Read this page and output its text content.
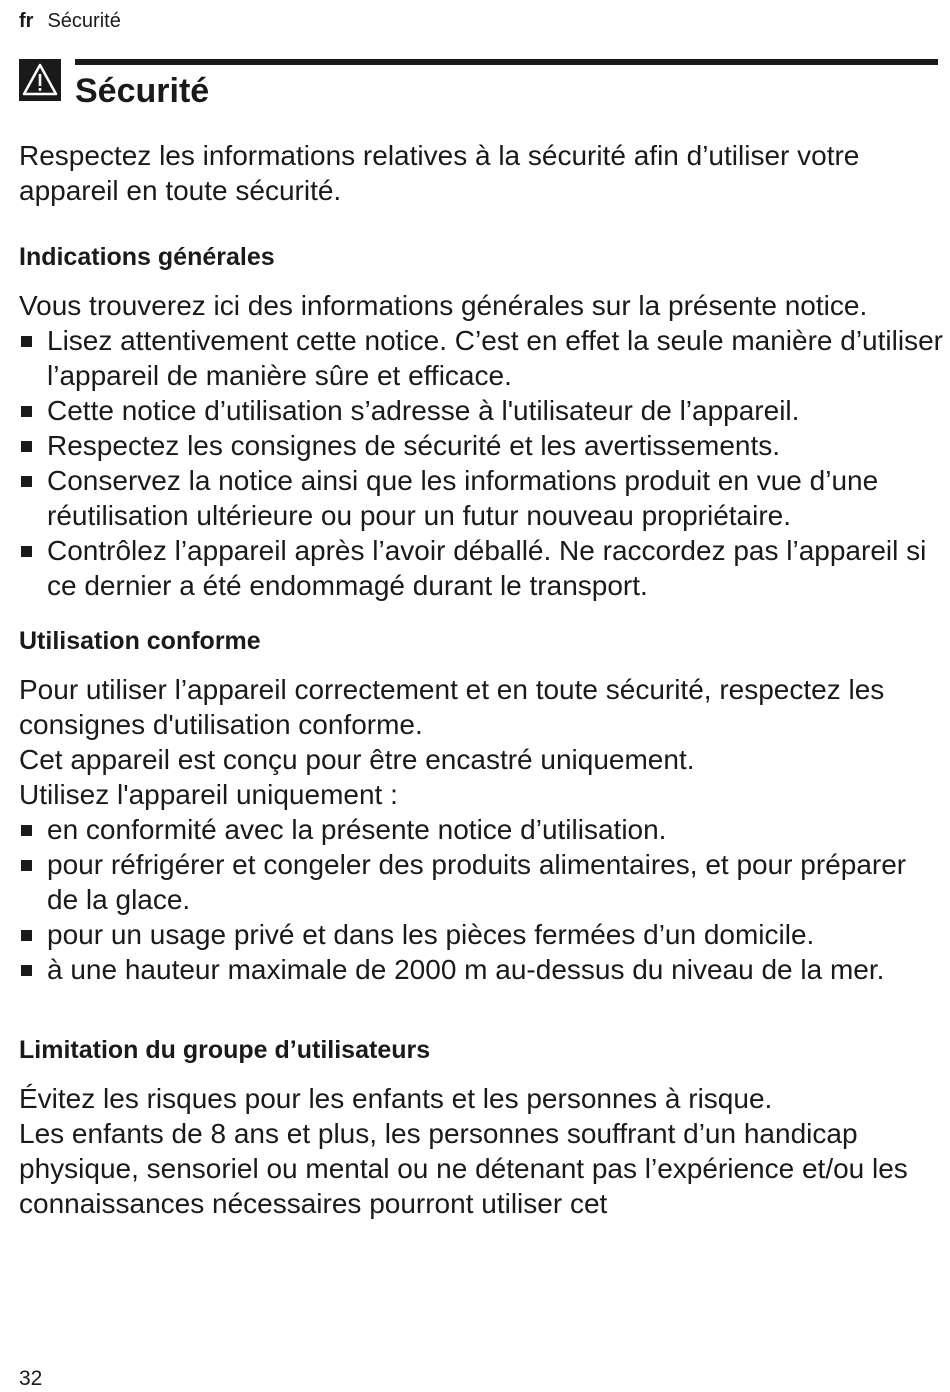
fr Sécurité
Sécurité

Respectez les informations relatives à la sécurité afin d’utiliser votre appareil en toute sécurité.

Indications générales

Vous trouverez ici des informations générales sur la présente notice.

Lisez attentivement cette notice. C’est en effet la seule manière d’utiliser l’appareil de manière sûre et efficace.
Cette notice d’utilisation s’adresse à l'utilisateur de l’appareil.
Respectez les consignes de sécurité et les avertissements.
Conservez la notice ainsi que les informations produit en vue d’une réutilisation ultérieure ou pour un futur nouveau propriétaire.
Contrôlez l’appareil après l’avoir déballé. Ne raccordez pas l’appareil si ce dernier a été endommagé durant le transport.
Utilisation conforme

Pour utiliser l’appareil correctement et en toute sécurité, respectez les consignes d'utilisation conforme.

Cet appareil est conçu pour être encastré uniquement.

Utilisez l'appareil uniquement :

en conformité avec la présente notice d’utilisation.
pour réfrigérer et congeler des produits alimentaires, et pour préparer de la glace.
pour un usage privé et dans les pièces fermées d’un domicile.
à une hauteur maximale de 2000 m au-dessus du niveau de la mer.
Limitation du groupe d’utilisateurs

Évitez les risques pour les enfants et les personnes à risque.

Les enfants de 8 ans et plus, les personnes souffrant d’un handicap physique, sensoriel ou mental ou ne détenant pas l’expérience et/ou les connaissances nécessaires pourront utiliser cet

32
